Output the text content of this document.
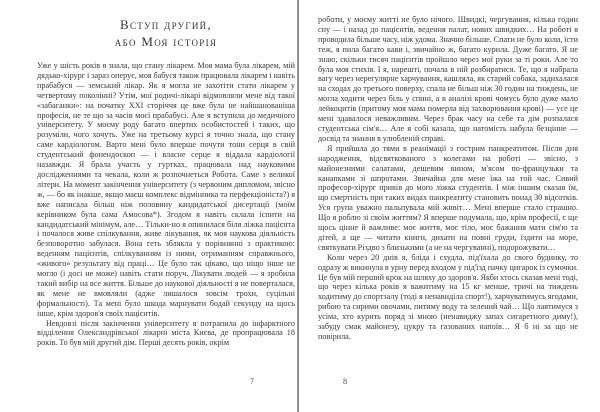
Вступ другий,
або Моя історія

Уже у шість років я знала, що стану лікарем. Моя мама була лікарем, мій дядько-хірург і зараз оперує, моя бабуся також працювала лікарем і навіть прабабуся — земський лікар. Як я могла не захотіти стати лікарем у четвертому поколінні? Утім, мої родичі-лікарі відмовляли мене від такої «забаганки»: на початку XXI сторіччя це вже була не найшанованіша професія, не те що за часів моєї прабабусі. Але я вступила до медичного університету. У моєму роду багато впертих особистостей і таких, що розуміли, чого хочуть. Уже на третьому курсі я точно знала, що стану саме кардіологом. Варто мені було вперше почути тони серця в свій студентський фонендоскоп — і власне серце я віддала кардіології назавжди. Я брала участь у гуртках, працювала над науковими дослідженнями та чекала, коли ж розпочнеться Робота. Саме з великої літери. На момент закінчення університету (з червоним дипломом, звісно ж, — бо як інакше, якщо маєш комплекс відмінника та перфекціоніста?) я вже написала більш ніж половину кандидатської дисертації (моїм керівником була сама Амосова*). Згодом я навіть склала іспити на кандидатський мінімум, але… Тільки-но я опинилася біля ліжка пацієнта і почалося живе спілкування, живе лікування, як моя наукова діяльність безповоротно забулася. Вона геть зблякла у порівнянні з практикою: веденням пацієнтів, спілкуванням із ними, отриманням справжнього, «живого» результату від праці… Це було так цікаво, що ніщо інше не могло (і досі не може) навіть стати поруч. Лікувати людей — я зробила такий вибір на все життя. Більше до наукової діяльності я не поверталася, як мене не вмовляли (адже лишалося зовсім трохи, суцільні формальності). Та мені було шкода марнувати бодай секунду на щось інше, крім здоров'я своїх пацієнтів.

Невдовзі після закінчення університету я потрапила до інфарктного відділення Олександрівської лікарні міста Києва, де пропрацювала 18 років. То був мій другий дім. Перші десять років, окрім

роботи, у моєму житті не було нічого. Швидкі, чергування, кілька годин сну — і назад до пацієнтів, ведення палат, нових швидких… На роботі я проводила більше часу, ніж удома. Значно більше. Спати не було коли, їсти теж, я пила багато кави і, звичайно ж, багато курила. Дуже багато. Я не знаю, скільки тисяч пацієнтів пройшло через мої руки за ті роки. Але то була моя стихія. І я, нарешті, почала в ній розбиратися. Те, що я набрала вагу через нерегулярне харчування, кашляла, як старий собака, задихалася на сходах до третього поверху, спала не більш ніж 30 годин на тиждень, не могла ходити через біль у спині, а в аналізі крові чомусь було дуже мало лейкоцитів (притому моя мама померла від захворювання крові) — усе це мені здавалося неважливим. Через брак часу на себе та дім розпалася студентська сім'я… Але я собі казала, що натомість набула безцінне — досвід та знання в улюбленій справі.

Я прийшла до тями в реанімації з гострим панкреатитом. Після дня народження, відсвяткованого з колегами на роботі — звісно, з майонезними салатами, дешевим вином, м'ясом по-французьки та канапками зі шпротами. Звичайна для мене їжа на той час. Сивий професор-хірург привів до мого ліжка студентів. І між іншим сказав їм, що смертність при таких видах панкреатиту становить понад 30 відсотків. Уся група уважно пальпувала мій живіт… Мені вперше стало страшно. Що я роблю зі своїм життям? Я вперше подумала, що, крім професії, є ще щось цінне й важливе: моє життя, моє тіло, моє бажання мати сім'ю та дітей, а ще — читати книги, дихати на повні груди, їздити на море, святкувати Різдво з близькими (а не на чергуванні), подорожувати…

Коли через 20 днів я, бліда і схудла, під'їхала до свого будинку, то одразу ж викинула в урну перед входом у під'їзд пачку цигарок із сумочки. Це був мій перший крок на шляху до здоров'я. Якби хтось сказав мені тоді, що через кілька років я важитиму на 15 кг менше, тричі на тиждень ходитиму до спортзалу (тоді я ненавиділа спорт!), харчуватимусь ягодами, рибою та сирими овочами, питиму воду та зелений чай… Що лаятимуся з усіма, хто курить поряд зі мною (ненавиджу запах сигаретного диму!), забуду смак майонезу, цукру та газованих напоїв… Я б ні за що не повірила.

7	8
